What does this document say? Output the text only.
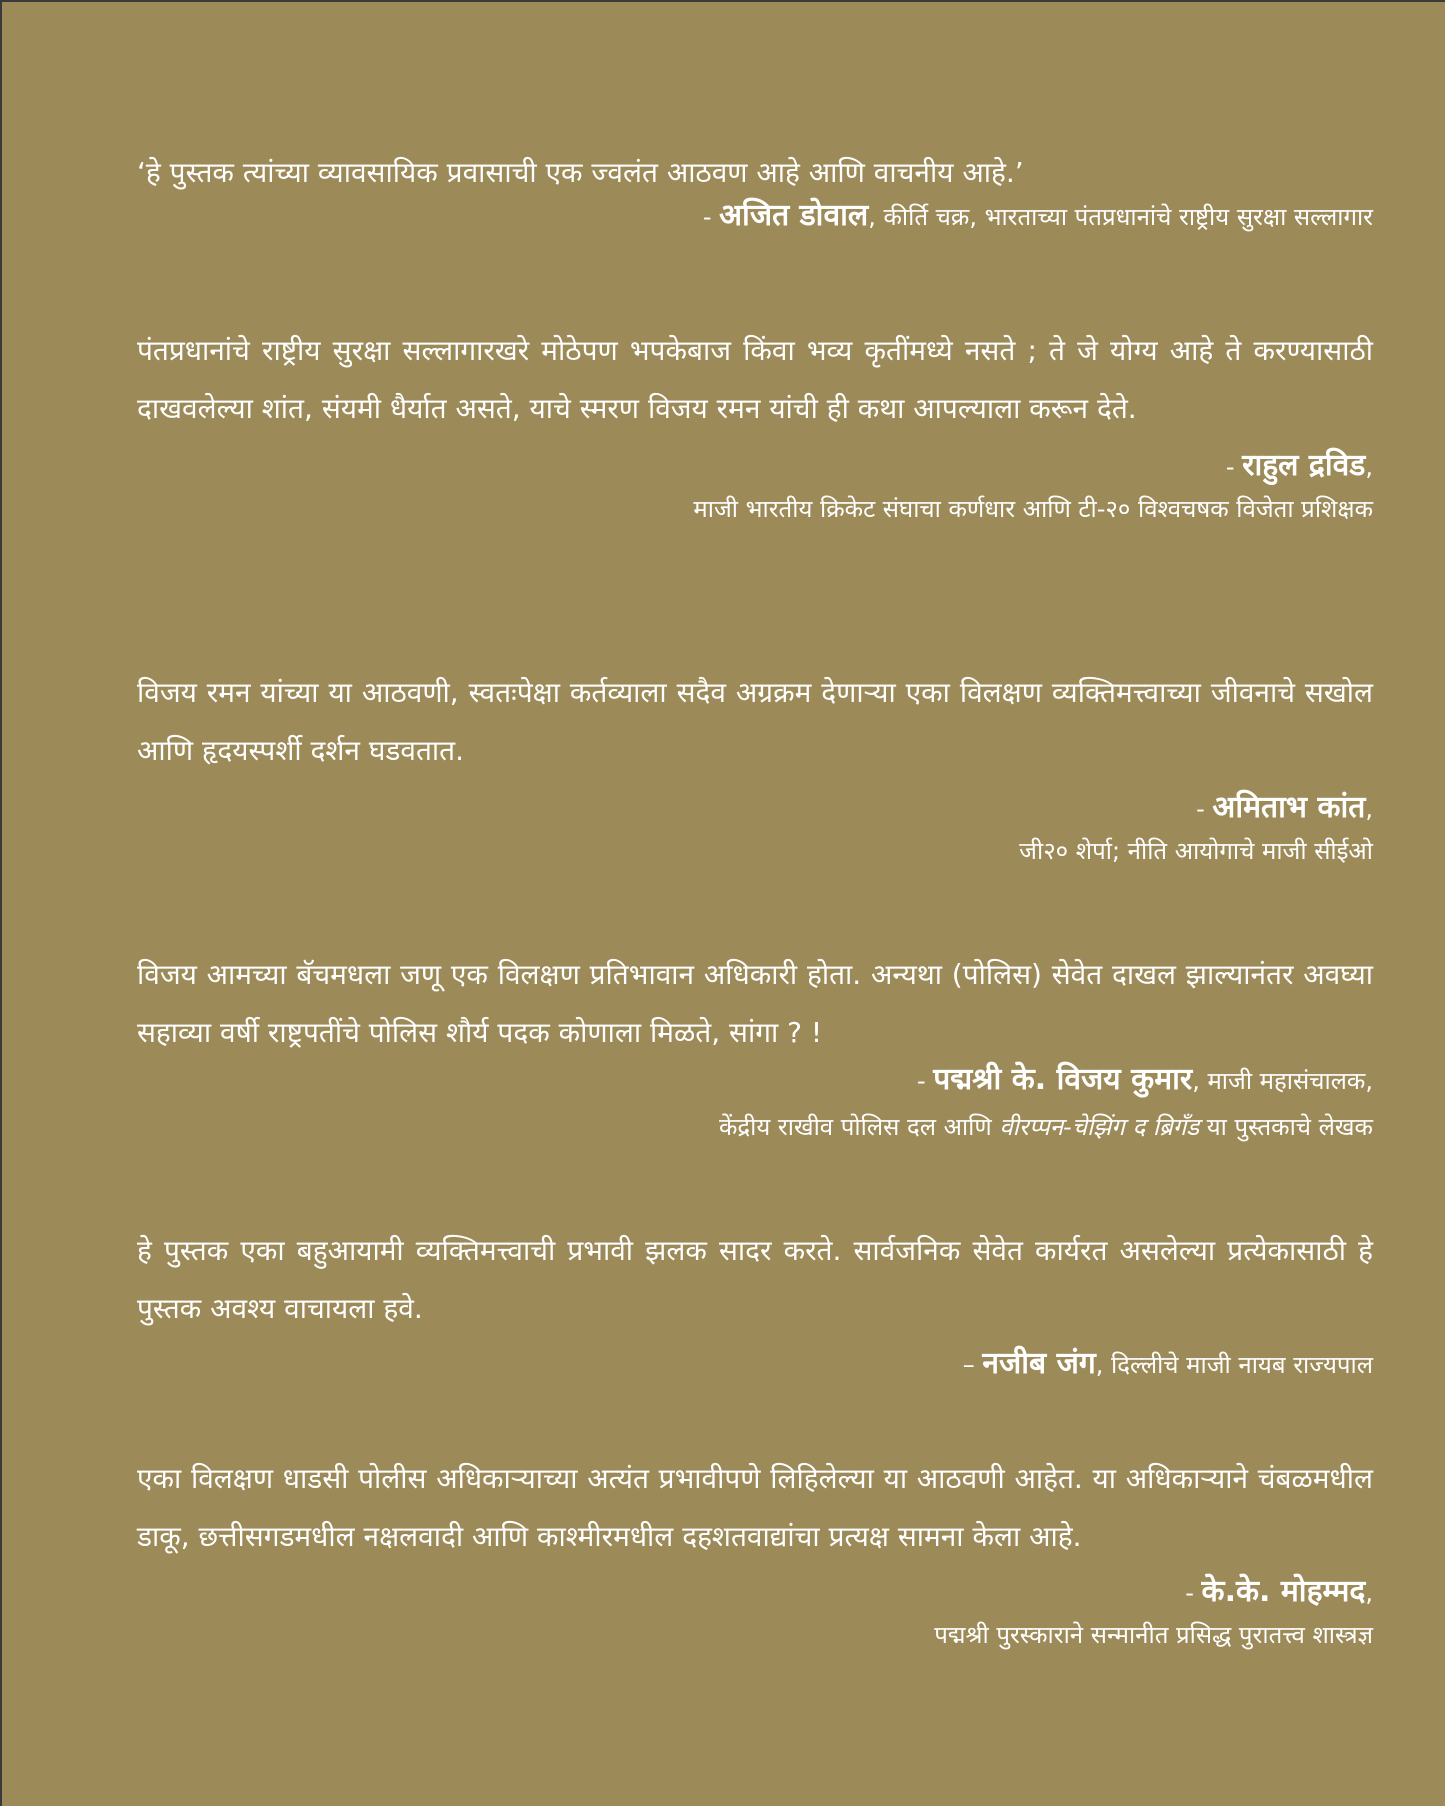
‘हे पुस्तक त्यांच्या व्यावसायिक प्रवासाची एक ज्वलंत आठवण आहे आणि वाचनीय आहे.’

- अजित डोवाल, कीर्ति चक्र, भारताच्या पंतप्रधानांचे राष्ट्रीय सुरक्षा सल्लागार

पंतप्रधानांचे राष्ट्रीय सुरक्षा सल्लागारखरे मोठेपण भपकेबाज किंवा भव्य कृतींमध्ये नसते ; ते जे योग्य आहे ते करण्यासाठी दाखवलेल्या शांत, संयमी धैर्यात असते, याचे स्मरण विजय रमन यांची ही कथा आपल्याला करून देते.

- राहुल द्रविड,

माजी भारतीय क्रिकेट संघाचा कर्णधार आणि टी-२० विश्वचषक विजेता प्रशिक्षक

विजय रमन यांच्या या आठवणी, स्वतःपेक्षा कर्तव्याला सदैव अग्रक्रम देणाऱ्या एका विलक्षण व्यक्तिमत्त्वाच्या जीवनाचे सखोल आणि हृदयस्पर्शी दर्शन घडवतात.

- अमिताभ कांत,

जी२० शेर्पा; नीति आयोगाचे माजी सीईओ

विजय आमच्या बॅचमधला जणू एक विलक्षण प्रतिभावान अधिकारी होता. अन्यथा (पोलिस) सेवेत दाखल झाल्यानंतर अवघ्या सहाव्या वर्षी राष्ट्रपतींचे पोलिस शौर्य पदक कोणाला मिळते, सांगा ? !

- पद्मश्री के. विजय कुमार, माजी महासंचालक,

केंद्रीय राखीव पोलिस दल आणि वीरप्पन-चेझिंग द ब्रिगँड या पुस्तकाचे लेखक

हे पुस्तक एका बहुआयामी व्यक्तिमत्त्वाची प्रभावी झलक सादर करते. सार्वजनिक सेवेत कार्यरत असलेल्या प्रत्येकासाठी हे पुस्तक अवश्य वाचायला हवे.

– नजीब जंग, दिल्लीचे माजी नायब राज्यपाल

एका विलक्षण धाडसी पोलीस अधिकाऱ्याच्या अत्यंत प्रभावीपणे लिहिलेल्या या आठवणी आहेत. या अधिकाऱ्याने चंबळमधील डाकू, छत्तीसगडमधील नक्षलवादी आणि काश्मीरमधील दहशतवाद्यांचा प्रत्यक्ष सामना केला आहे.

- के.के. मोहम्मद,

पद्मश्री पुरस्काराने सन्मानीत प्रसिद्ध पुरातत्त्व शास्त्रज्ञ
